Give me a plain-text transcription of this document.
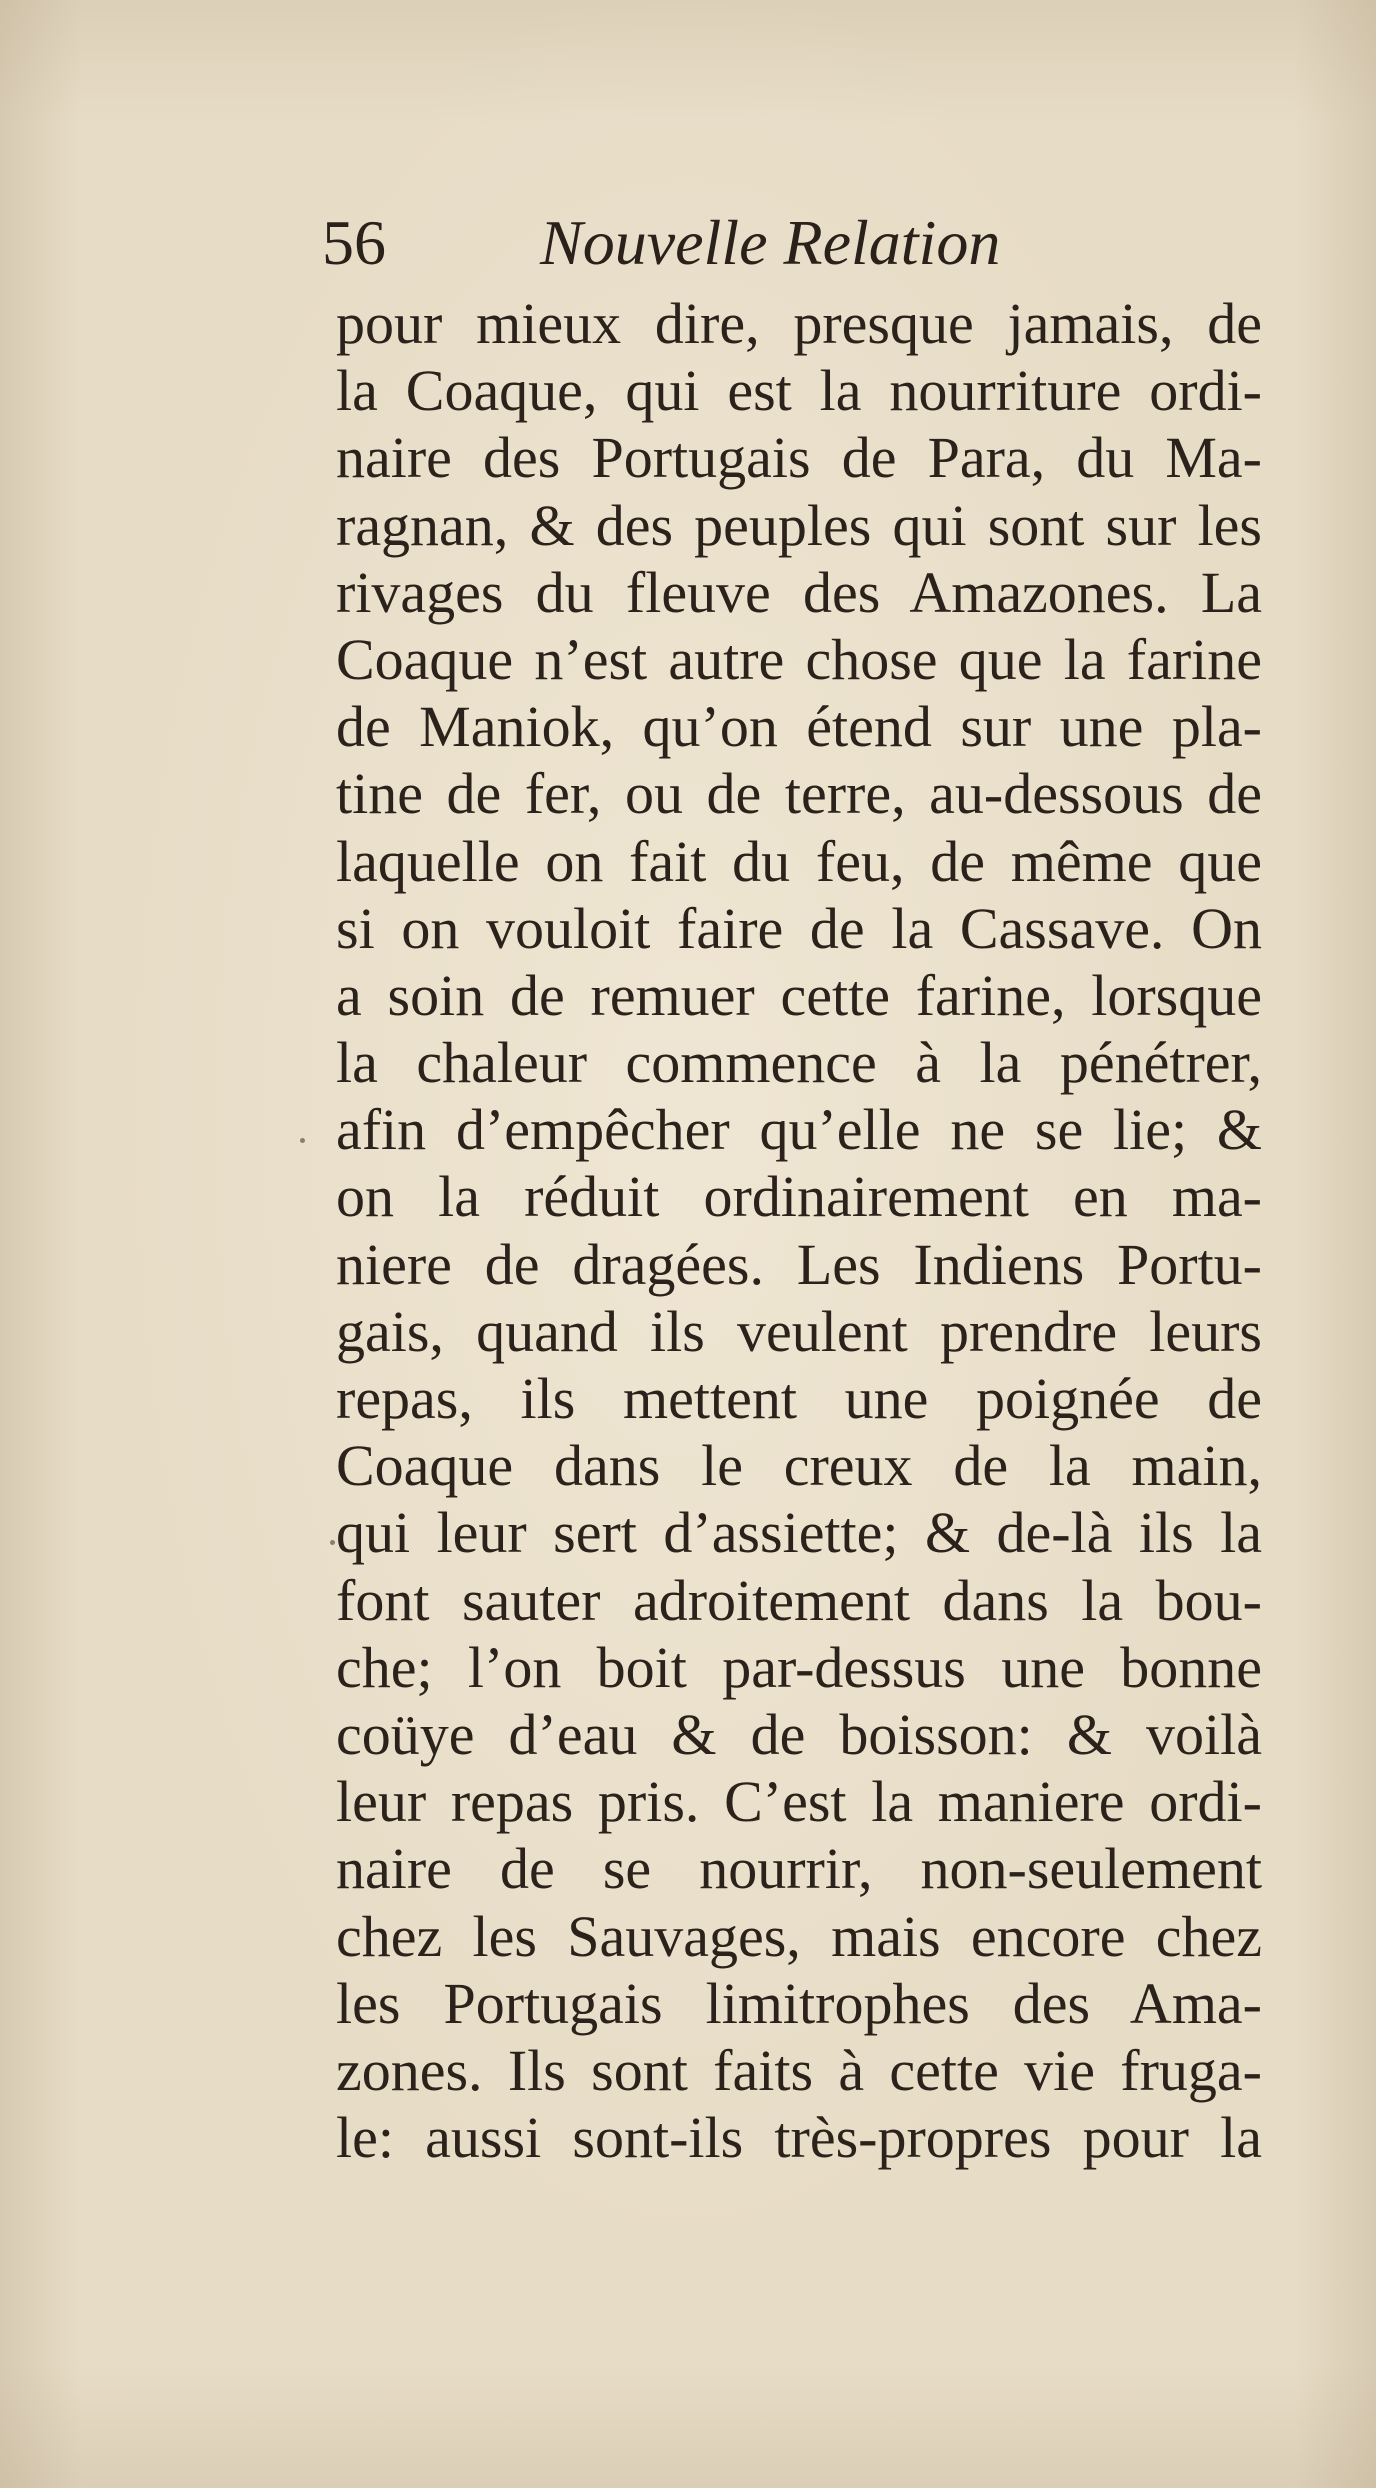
56 Nouvelle Relation
pour mieux dire, presque jamais, de
la Coaque, qui est la nourriture ordi-
naire des Portugais de Para, du Ma-
ragnan, & des peuples qui sont sur les
rivages du fleuve des Amazones. La
Coaque n’est autre chose que la farine
de Maniok, qu’on étend sur une pla-
tine de fer, ou de terre, au-dessous de
laquelle on fait du feu, de même que
si on vouloit faire de la Cassave. On
a soin de remuer cette farine, lorsque
la chaleur commence à la pénétrer,
afin d’empêcher qu’elle ne se lie; &
on la réduit ordinairement en ma-
niere de dragées. Les Indiens Portu-
gais, quand ils veulent prendre leurs
repas, ils mettent une poignée de
Coaque dans le creux de la main,
qui leur sert d’assiette; & de-là ils la
font sauter adroitement dans la bou-
che; l’on boit par-dessus une bonne
coüye d’eau & de boisson: & voilà
leur repas pris. C’est la maniere ordi-
naire de se nourrir, non-seulement
chez les Sauvages, mais encore chez
les Portugais limitrophes des Ama-
zones. Ils sont faits à cette vie fruga-
le: aussi sont-ils très-propres pour la
